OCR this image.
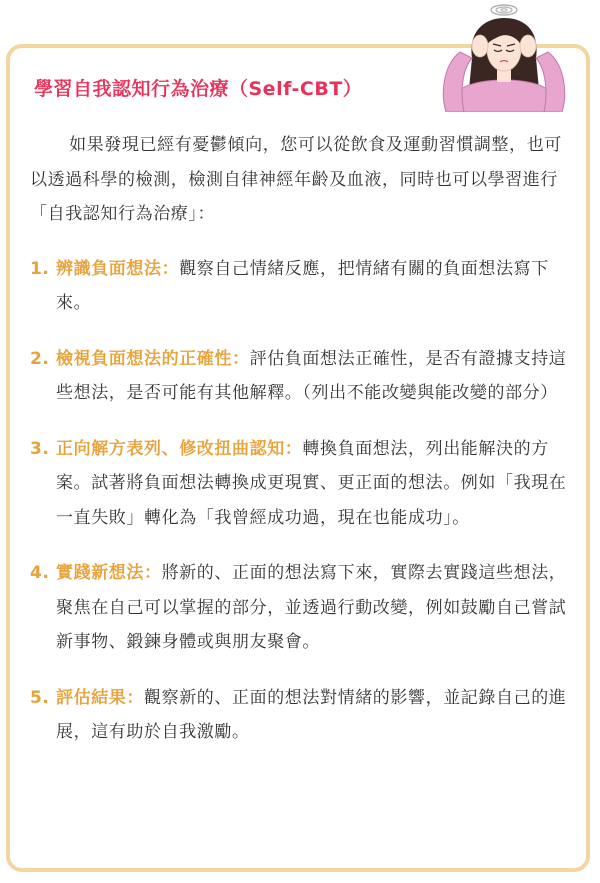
學習自我認知行為治療（Self-CBT）

如果發現已經有憂鬱傾向，您可以從飲食及運動習慣調整，也可以透過科學的檢測，檢測自律神經年齡及血液，同時也可以學習進行「自我認知行為治療」：

1. 辨識負面想法：觀察自己情緒反應，把情緒有關的負面想法寫下來。
2. 檢視負面想法的正確性：評估負面想法正確性，是否有證據支持這些想法，是否可能有其他解釋。（列出不能改變與能改變的部分）
3. 正向解方表列、修改扭曲認知：轉換負面想法，列出能解決的方案。試著將負面想法轉換成更現實、更正面的想法。例如「我現在一直失敗」轉化為「我曾經成功過，現在也能成功」。
4. 實踐新想法：將新的、正面的想法寫下來，實際去實踐這些想法，聚焦在自己可以掌握的部分，並透過行動改變，例如鼓勵自己嘗試新事物、鍛鍊身體或與朋友聚會。
5. 評估結果：觀察新的、正面的想法對情緒的影響，並記錄自己的進展，這有助於自我激勵。
